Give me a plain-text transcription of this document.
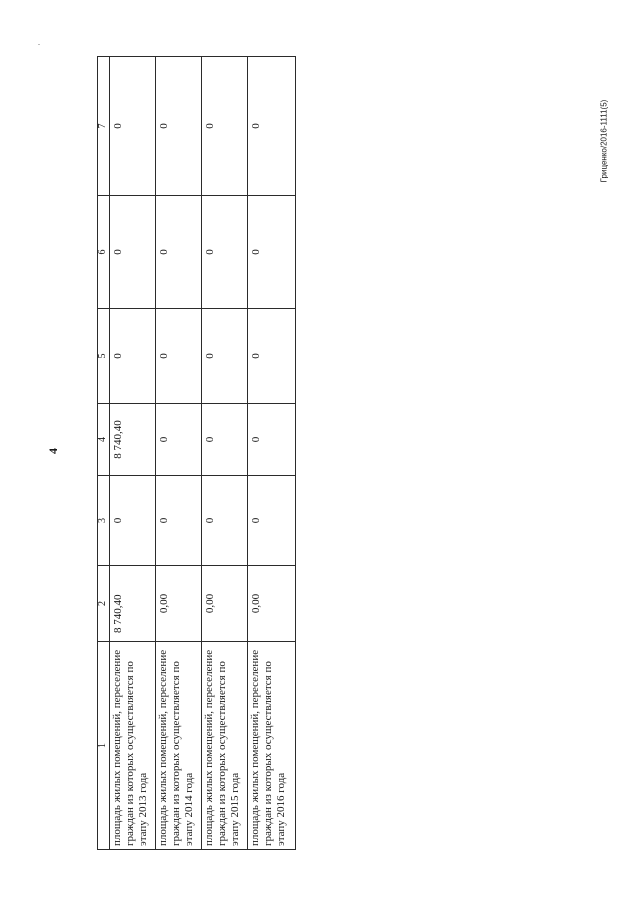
4
Гриценко/2016-1111(5)
1	2	3	4	5	6	7
площадь жилых помещений, переселение граждан из которых осуществляется по этапу 2013 года	8 740,40	0	8 740,40	0	0	0
площадь жилых помещений, переселение граждан из которых осуществляется по этапу 2014 года	0,00	0	0	0	0	0
площадь жилых помещений, переселение граждан из которых осуществляется по этапу 2015 года	0,00	0	0	0	0	0
площадь жилых помещений, переселение граждан из которых осуществляется по этапу 2016 года	0,00	0	0	0	0	0
